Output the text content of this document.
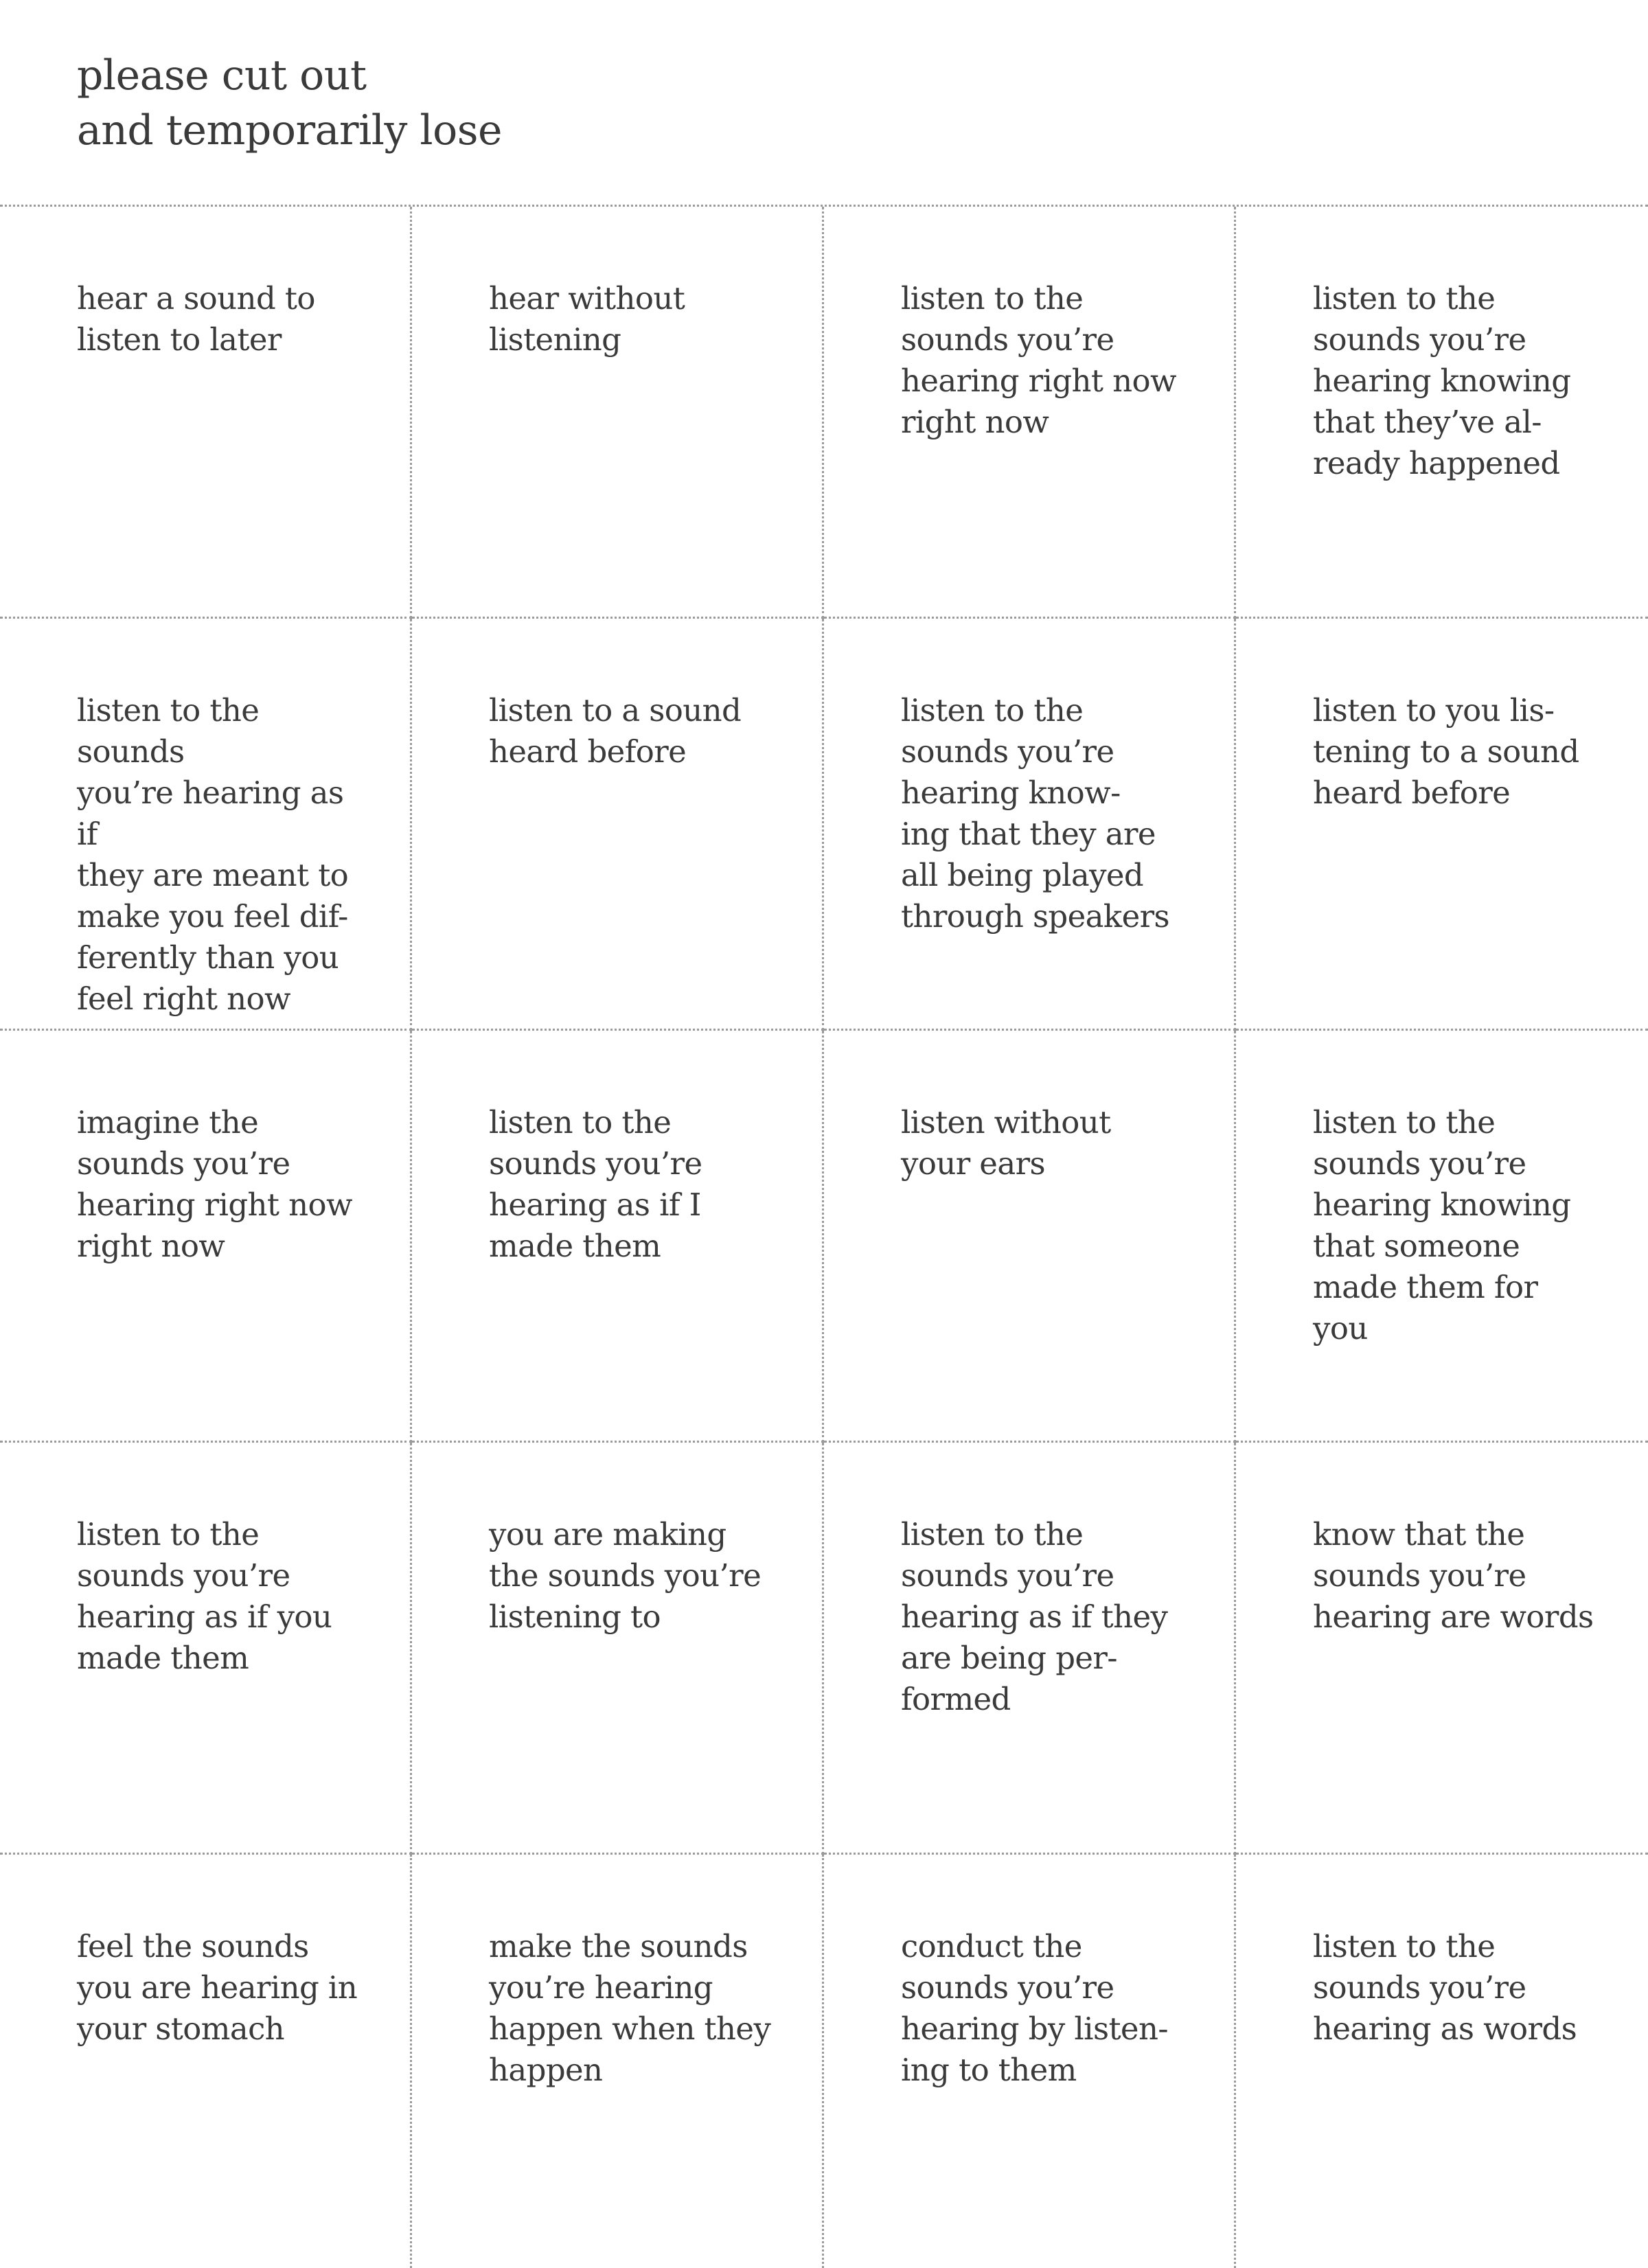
please cut out
and temporarily lose
hear a sound to
listen to later
hear without
listening
listen to the
sounds you’re
hearing right now
right now
listen to the
sounds you’re
hearing knowing
that they’ve al-
ready happened
listen to the sounds
you’re hearing as if
they are meant to
make you feel dif-
ferently than you
feel right now
listen to a sound
heard before
listen to the
sounds you’re
hearing know-
ing that they are
all being played
through speakers
listen to you lis-
tening to a sound
heard before
imagine the
sounds you’re
hearing right now
right now
listen to the
sounds you’re
hearing as if I
made them
listen without
your ears
listen to the
sounds you’re
hearing knowing
that someone
made them for
you
listen to the
sounds you’re
hearing as if you
made them
you are making
the sounds you’re
listening to
listen to the
sounds you’re
hearing as if they
are being per-
formed
know that the
sounds you’re
hearing are words
feel the sounds
you are hearing in
your stomach
make the sounds
you’re hearing
happen when they
happen
conduct the
sounds you’re
hearing by listen-
ing to them
listen to the
sounds you’re
hearing as words
